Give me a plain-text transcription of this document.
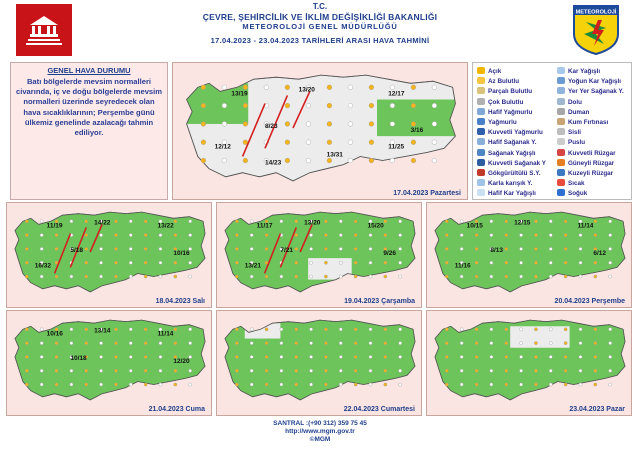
T.C.
ÇEVRE, ŞEHİRCİLİK VE İKLİM DEĞİŞİKLİĞİ BAKANLIĞI
METEOROLOJİ GENEL MÜDÜRLÜĞÜ
17.04.2023 - 23.04.2023 TARİHLERİ ARASI HAVA TAHMİNİ
METEOROLOJİ
GENEL HAVA DURUMU
Batı bölgelerde mevsim normalleri civarında, iç ve doğu bölgelerde mevsim normalleri üzerinde seyredecek olan hava sıcaklıklarının; Perşembe günü ülkemiz genelinde azalacağı tahmin ediliyor.
Açık
Az Bulutlu
Parçalı Bulutlu
Çok Bulutlu
Hafif Yağmurlu
Yağmurlu
Kuvvetli Yağmurlu
Hafif Sağanak Y.
Sağanak Yağışlı
Kuvvetli Sağanak Y
Gökgürültülü S.Y.
Karla karışık Y.
Hafif Kar Yağışlı
Kar Yağışlı
Yoğun Kar Yağışlı
Yer Yer Sağanak Y.
Dolu
Duman
Kum Fırtınası
Sisli
Puslu
Kuvvetli Rüzgar
Güneyli Rüzgar
Kuzeyli Rüzgar
Sıcak
Soğuk
13/19
13/20
12/17
8/23
3/16
12/12
14/23
13/31
11/25
17.04.2023 Pazartesi
11/19	14/22	13/22
5/18	10/16
16/32
18.04.2023 Salı
11/17	13/20	15/20
7/21	9/26
13/21
19.04.2023 Çarşamba
10/15	12/15	11/14
8/13	6/12
11/16
20.04.2023 Perşembe
10/16	13/14	11/14
10/18	12/20
21.04.2023 Cuma	22.04.2023 Cumartesi	23.04.2023 Pazar
SANTRAL :(+90 312) 359 75 45
http://www.mgm.gov.tr
©MGM
